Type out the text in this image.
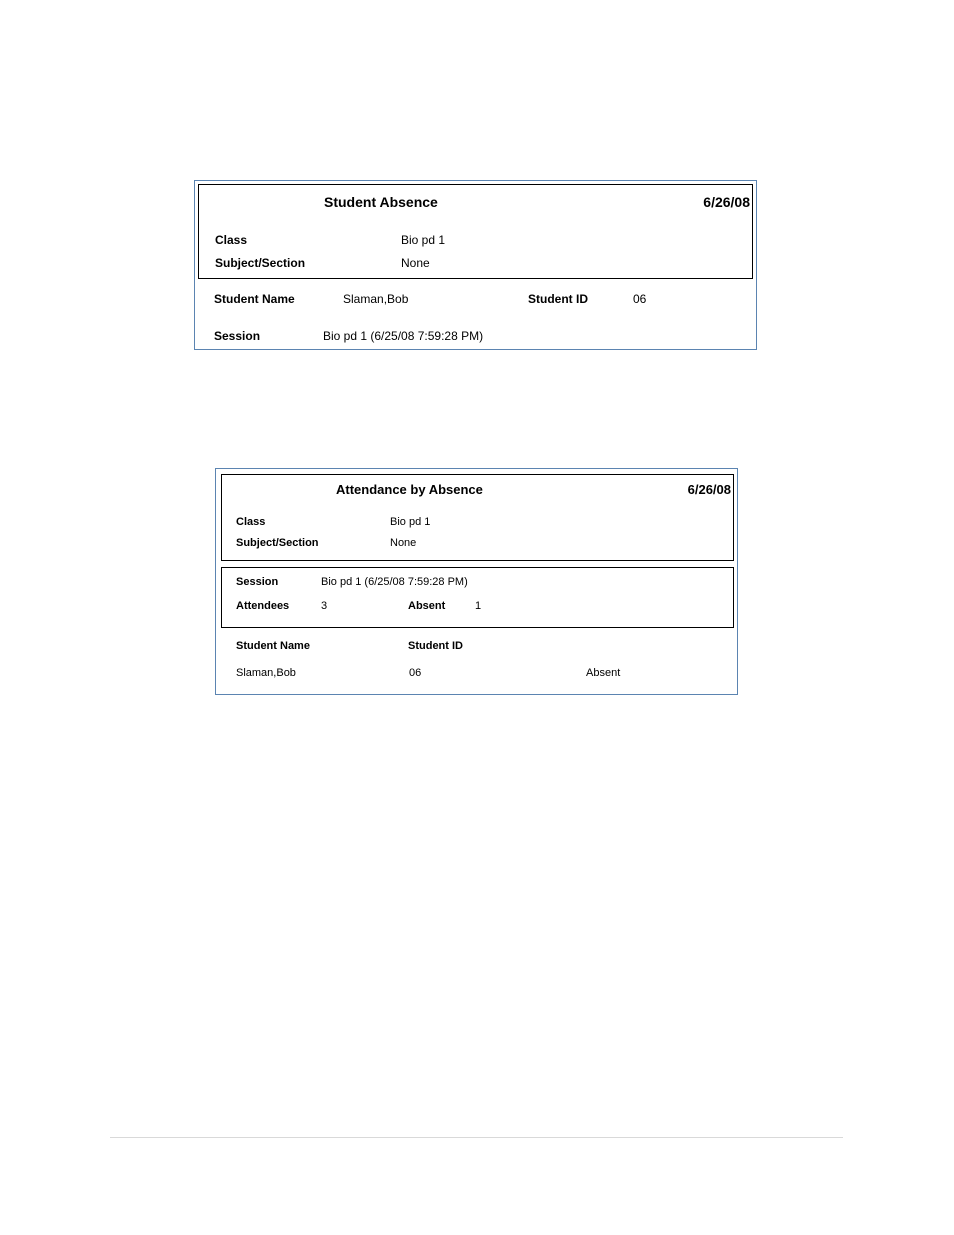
Student Absence	6/26/08
Class	Bio pd 1
Subject/Section	None
Student Name	Slaman,Bob	Student ID	06
Session	Bio pd 1 (6/25/08 7:59:28 PM)
Attendance by Absence	6/26/08
Class	Bio pd 1
Subject/Section	None
Session	Bio pd 1 (6/25/08 7:59:28 PM)
Attendees	3	Absent	1
Student Name	Student ID
Slaman,Bob	06	Absent
